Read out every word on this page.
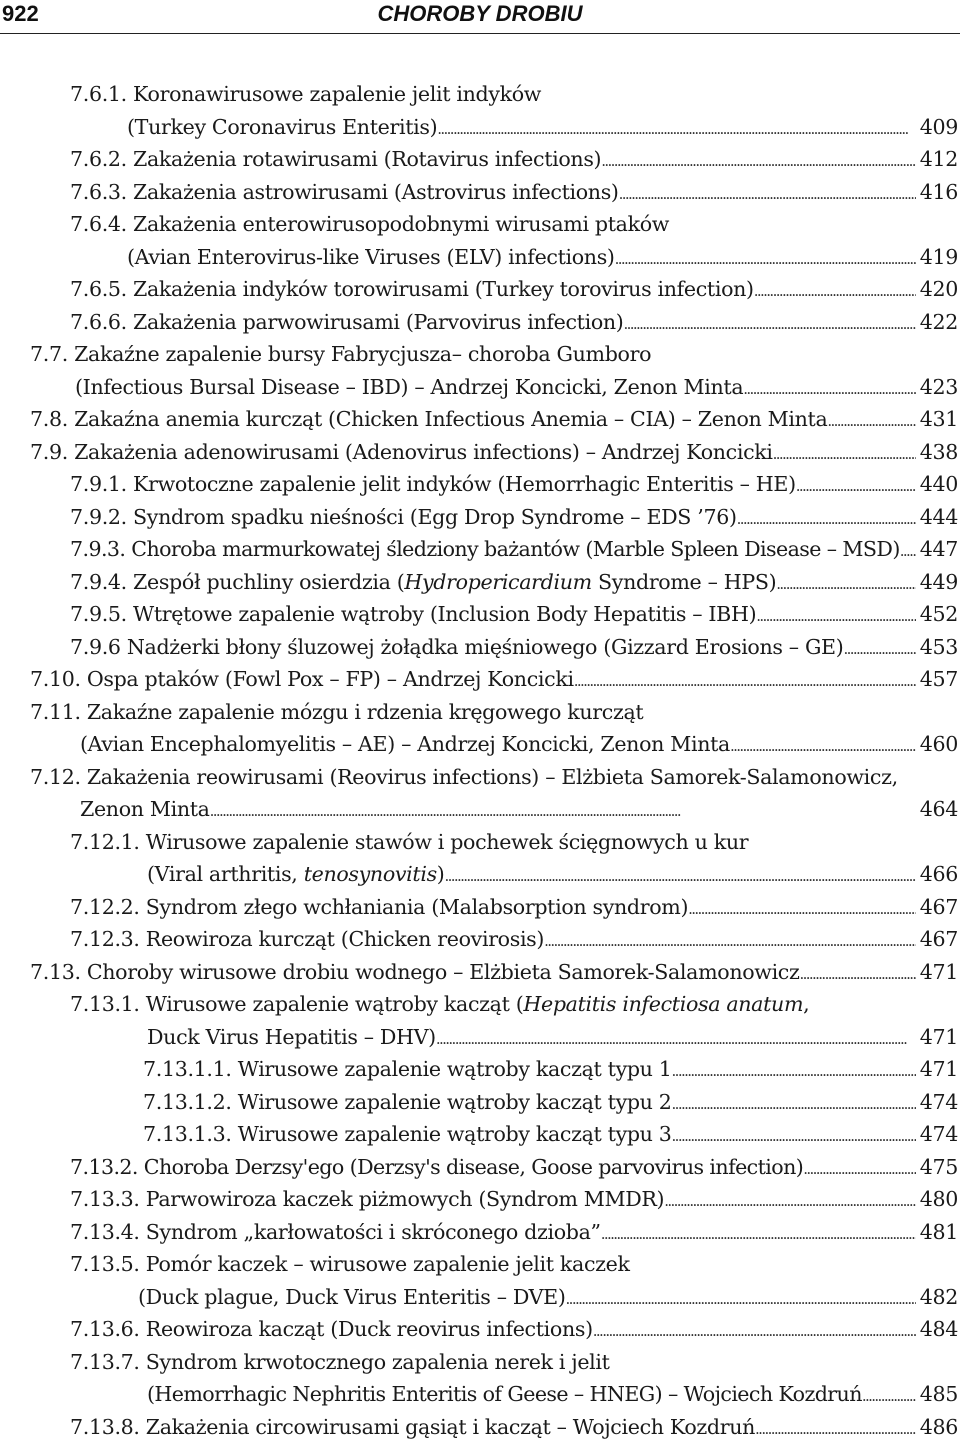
922	CHOROBY DROBIU
7.6.1. Koronawirusowe zapalenie jelit indyków
(Turkey Coronavirus Enteritis) . . .	409
7.6.2. Zakażenia rotawirusami (Rotavirus infections) . . .	412
7.6.3. Zakażenia astrowirusami (Astrovirus infections) . . .	416
7.6.4. Zakażenia enterowirusopodobnymi wirusami ptaków
(Avian Enterovirus-like Viruses (ELV) infections) . . .	419
7.6.5. Zakażenia indyków torowirusami (Turkey torovirus infection) . . .	420
7.6.6. Zakażenia parwowirusami (Parvovirus infection) . . .	422
7.7. Zakaźne zapalenie bursy Fabrycjusza– choroba Gumboro
(Infectious Bursal Disease – IBD) – Andrzej Koncicki, Zenon Minta . . .	423
7.8. Zakaźna anemia kurcząt (Chicken Infectious Anemia – CIA) – Zenon Minta . . .	431
7.9. Zakażenia adenowirusami (Adenovirus infections) – Andrzej Koncicki . . .	438
7.9.1. Krwotoczne zapalenie jelit indyków (Hemorrhagic Enteritis – HE) . . .	440
7.9.2. Syndrom spadku nieśności (Egg Drop Syndrome – EDS ’76) . . .	444
7.9.3. Choroba marmurkowatej śledziony bażantów (Marble Spleen Disease – MSD) . . . 447
7.9.4. Zespół puchliny osierdzia (Hydropericardium Syndrome – HPS) . . .	449
7.9.5. Wtrętowe zapalenie wątroby (Inclusion Body Hepatitis – IBH) . . .	452
7.9.6 Nadżerki błony śluzowej żołądka mięśniowego (Gizzard Erosions – GE) . . .	453
7.10. Ospa ptaków (Fowl Pox – FP) – Andrzej Koncicki . . .	457
7.11. Zakaźne zapalenie mózgu i rdzenia kręgowego kurcząt
(Avian Encephalomyelitis – AE) – Andrzej Koncicki, Zenon Minta . . .	460
7.12. Zakażenia reowirusami (Reovirus infections) – Elżbieta Samorek-Salamonowicz,
Zenon Minta . . .	464
7.12.1. Wirusowe zapalenie stawów i pochewek ścięgnowych u kur
(Viral arthritis, tenosynovitis) . . .	466
7.12.2. Syndrom złego wchłaniania (Malabsorption syndrom) . . .	467
7.12.3. Reowiroza kurcząt (Chicken reovirosis) . . .	467
7.13. Choroby wirusowe drobiu wodnego – Elżbieta Samorek-Salamonowicz . . .	471
7.13.1. Wirusowe zapalenie wątroby kacząt (Hepatitis infectiosa anatum,
Duck Virus Hepatitis – DHV) . . .	471
7.13.1.1. Wirusowe zapalenie wątroby kacząt typu 1 . . .	471
7.13.1.2. Wirusowe zapalenie wątroby kacząt typu 2 . . .	474
7.13.1.3. Wirusowe zapalenie wątroby kacząt typu 3 . . .	474
7.13.2. Choroba Derzsy'ego (Derzsy's disease, Goose parvovirus infection) . . .	475
7.13.3. Parwowiroza kaczek piżmowych (Syndrom MMDR) . . .	480
7.13.4. Syndrom „karłowatości i skróconego dzioba” . . .	481
7.13.5. Pomór kaczek – wirusowe zapalenie jelit kaczek
(Duck plague, Duck Virus Enteritis – DVE) . . .	482
7.13.6. Reowiroza kacząt (Duck reovirus infections) . . .	484
7.13.7. Syndrom krwotocznego zapalenia nerek i jelit
(Hemorrhagic Nephritis Enteritis of Geese – HNEG) – Wojciech Kozdruń . . .	485
7.13.8. Zakażenia circowirusami gąsiąt i kacząt – Wojciech Kozdruń . . .	486
